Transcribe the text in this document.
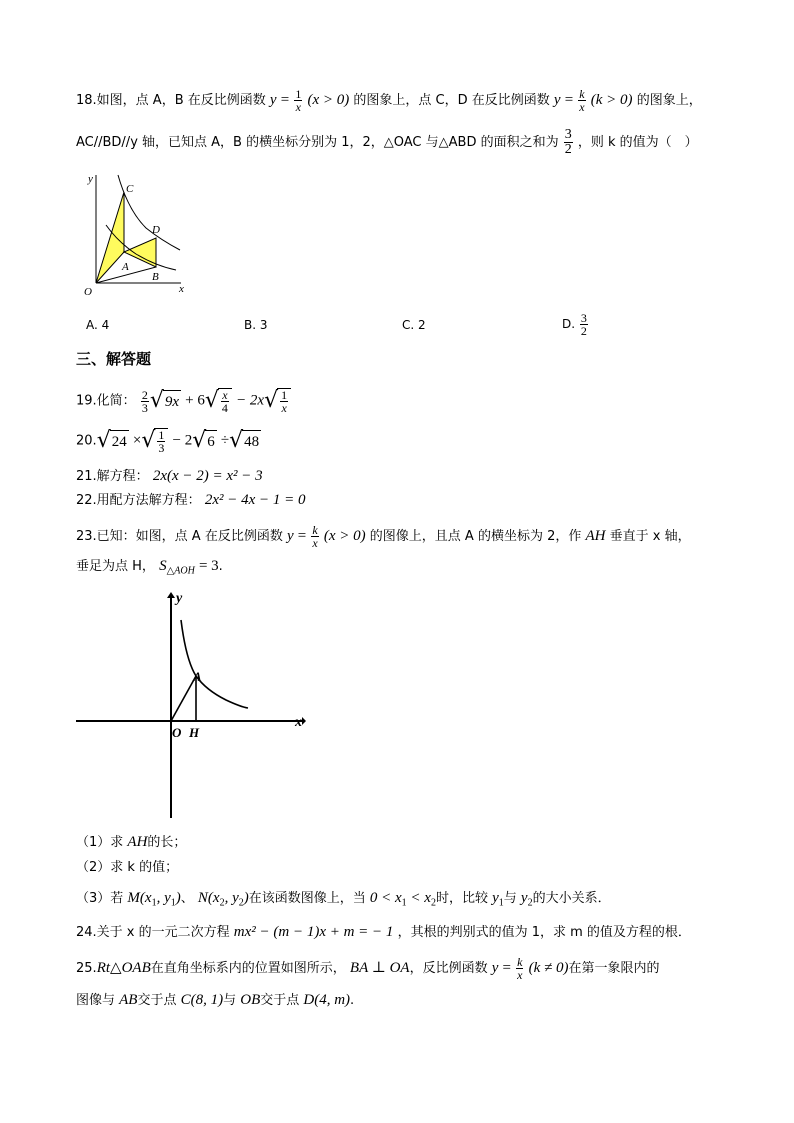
18.如图，点 A，B 在反比例函数 $y = \frac{1}{x} (x > 0)$ 的图象上，点 C，D 在反比例函数 $y = \frac{k}{x} (k > 0)$ 的图象上，
AC//BD//y 轴，已知点 A，B 的横坐标分别为 1，2，△OAC 与△ABD 的面积之和为 $\frac{3}{2}$ ，则 k 的值为（　）
y
x
O
A
B
C
D
A. 4	B. 3	C. 2	D. $\frac{3}{2}$
三、解答题
19.化简： $\frac{2}{3} √9x + 6√ \frac{x}{4} - 2x√ \frac{1}{x}$
20.√24 ×√ $\frac{1}{3} - 2√6 \div√48$
21.解方程： 2x(x − 2) = x² − 3
22.用配方法解方程： 2x² − 4x − 1 = 0
23.已知：如图，点 A 在反比例函数 $y = \frac{k}{x} (x > 0)$ 的图像上，且点 A 的横坐标为 2，作 AH 垂直于 x 轴，
垂足为点 H， $S_{\triangle AOH} = 3$.
y
x
O H
A
（1）求 AH的长；
（2）求 k 的值；
（3）若 $M(x_1$, $y_1$)、 $N(x_2$, $y_2$)在该函数图像上，当 $0 < x_1 < x_2$时，比较 $y_1$与 $y_2$的大小关系．
24.关于 x 的一元二次方程 mx² − (m − 1)x + m = − 1 ，其根的判别式的值为 1，求 m 的值及方程的根．
25.Rt△OAB在直角坐标系内的位置如图所示， BA ⊥ OA，反比例函数 $y = \frac{k}{x} (k \ne 0)$在第一象限内的
图像与 AB交于点 C(8, 1)与 OB交于点 D(4, m).
